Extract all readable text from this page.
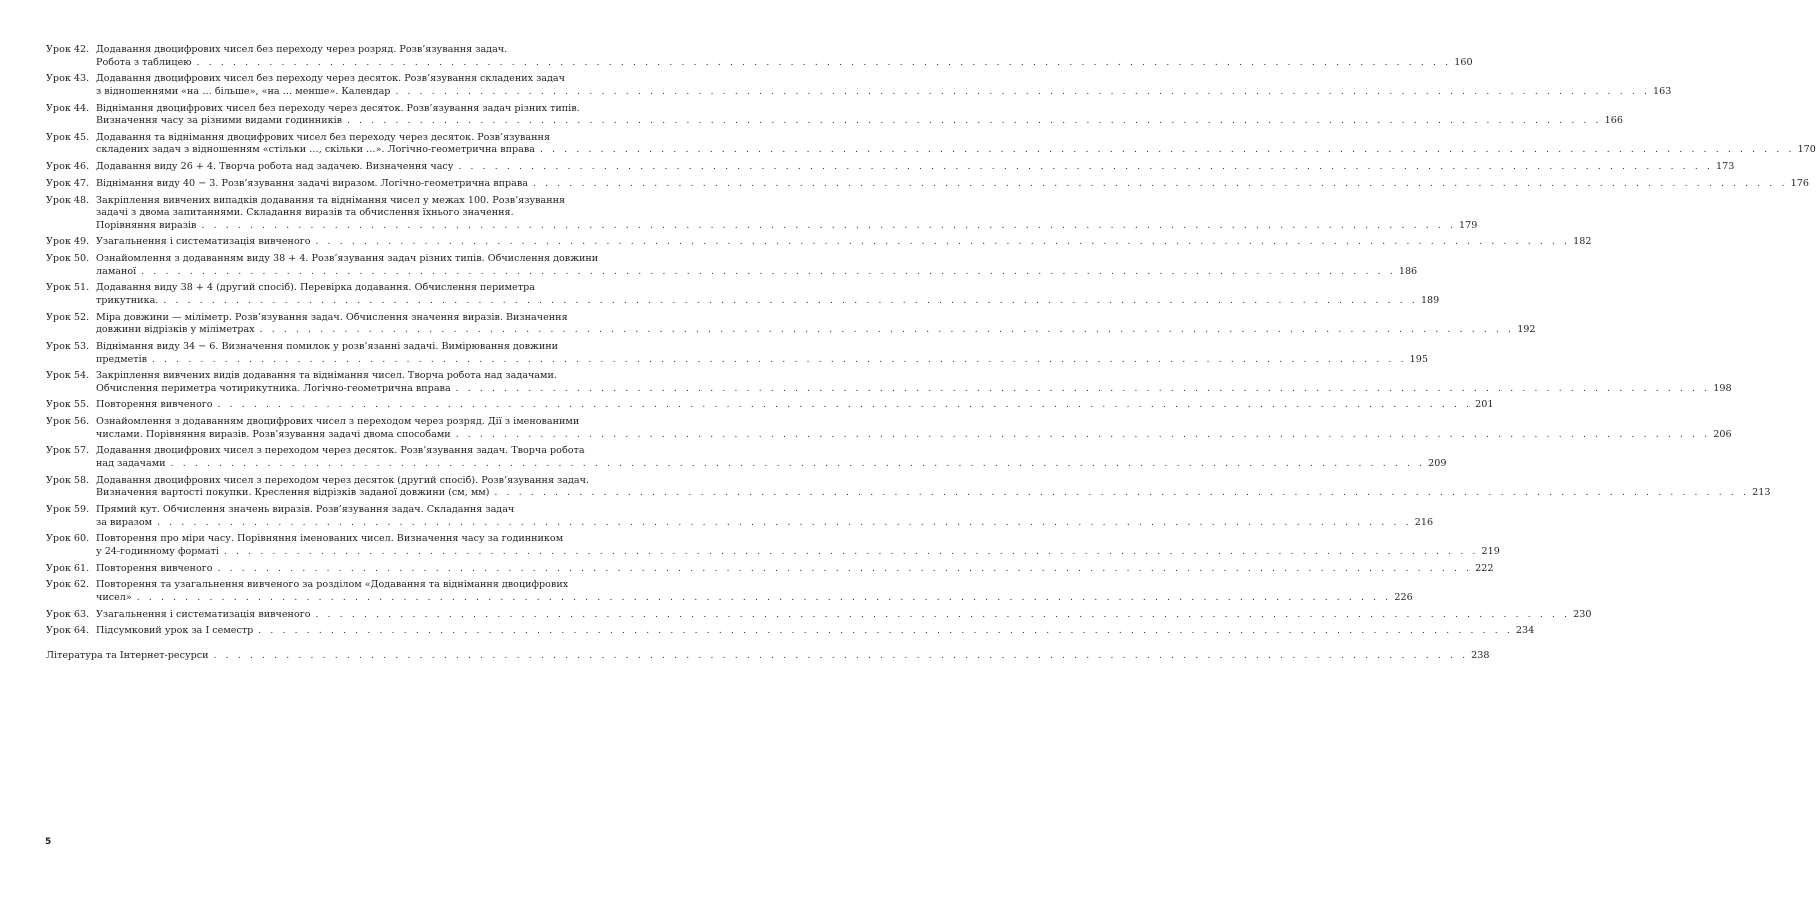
Урок 42. Додавання двоцифрових чисел без переходу через розряд. Розв’язування задач.
Робота з таблицею . . . . . . . . . . . . . . . . . . . . . . . . . . . . . . . . . . . . . . . . . . . . . . . . . . . . . . . . . . . . . . . . . . . . . . . . . . . . . . . . . . . . . . . . . . . . . . . . . . . . . . . . 160
Урок 43. Додавання двоцифрових чисел без переходу через десяток. Розв’язування складених задач
з відношеннями «на … більше», «на … менше». Календар . . . . . . . . . . . . . . . . . . . . . . . . . . . . . . . . . . . . . . . . . . . . . . . . . . . . . . . . . . . . . . . . . . . . . . . . . . . . . . . . . . . . . . . . . . . . . . . . . . . . . . . . 163
Урок 44. Віднімання двоцифрових чисел без переходу через десяток. Розв’язування задач різних типів.
Визначення часу за різними видами годинників . . . . . . . . . . . . . . . . . . . . . . . . . . . . . . . . . . . . . . . . . . . . . . . . . . . . . . . . . . . . . . . . . . . . . . . . . . . . . . . . . . . . . . . . . . . . . . . . . . . . . . . . 166
Урок 45. Додавання та віднімання двоцифрових чисел без переходу через десяток. Розв’язування
складених задач з відношенням «стільки …, скільки …». Логічно-геометрична вправа . . . . . . . . . . . . . . . . . . . . . . . . . . . . . . . . . . . . . . . . . . . . . . . . . . . . . . . . . . . . . . . . . . . . . . . . . . . . . . . . . . . . . . . . . . . . . . . . . . . . . . . . 170
Урок 46. Додавання виду 26 + 4. Творча робота над задачею. Визначення часу . . . . . . . . . . . . . . . . . . . . . . . . . . . . . . . . . . . . . . . . . . . . . . . . . . . . . . . . . . . . . . . . . . . . . . . . . . . . . . . . . . . . . . . . . . . . . . . . . . . . . . . . 173
Урок 47. Віднімання виду 40 − 3. Розв’язування задачі виразом. Логічно-геометрична вправа . . . . . . . . . . . . . . . . . . . . . . . . . . . . . . . . . . . . . . . . . . . . . . . . . . . . . . . . . . . . . . . . . . . . . . . . . . . . . . . . . . . . . . . . . . . . . . . . . . . . . . . . 176
Урок 48. Закріплення вивчених випадків додавання та віднімання чисел у межах 100. Розв’язування
задачі з двома запитаннями. Складання виразів та обчислення їхнього значення.
Порівняння виразів . . . . . . . . . . . . . . . . . . . . . . . . . . . . . . . . . . . . . . . . . . . . . . . . . . . . . . . . . . . . . . . . . . . . . . . . . . . . . . . . . . . . . . . . . . . . . . . . . . . . . . . . 179
Урок 49. Узагальнення і систематизація вивченого . . . . . . . . . . . . . . . . . . . . . . . . . . . . . . . . . . . . . . . . . . . . . . . . . . . . . . . . . . . . . . . . . . . . . . . . . . . . . . . . . . . . . . . . . . . . . . . . . . . . . . . . 182
Урок 50. Ознайомлення з додаванням виду 38 + 4. Розв’язування задач різних типів. Обчислення довжини
ламаної . . . . . . . . . . . . . . . . . . . . . . . . . . . . . . . . . . . . . . . . . . . . . . . . . . . . . . . . . . . . . . . . . . . . . . . . . . . . . . . . . . . . . . . . . . . . . . . . . . . . . . . . 186
Урок 51. Додавання виду 38 + 4 (другий спосіб). Перевірка додавання. Обчислення периметра
трикутника. . . . . . . . . . . . . . . . . . . . . . . . . . . . . . . . . . . . . . . . . . . . . . . . . . . . . . . . . . . . . . . . . . . . . . . . . . . . . . . . . . . . . . . . . . . . . . . . . . . . . . . . . 189
Урок 52. Міра довжини — міліметр. Розв’язування задач. Обчислення значення виразів. Визначення
довжини відрізків у міліметрах . . . . . . . . . . . . . . . . . . . . . . . . . . . . . . . . . . . . . . . . . . . . . . . . . . . . . . . . . . . . . . . . . . . . . . . . . . . . . . . . . . . . . . . . . . . . . . . . . . . . . . . . 192
Урок 53. Віднімання виду 34 − 6. Визначення помилок у розв’язанні задачі. Вимірювання довжини
предметів . . . . . . . . . . . . . . . . . . . . . . . . . . . . . . . . . . . . . . . . . . . . . . . . . . . . . . . . . . . . . . . . . . . . . . . . . . . . . . . . . . . . . . . . . . . . . . . . . . . . . . . . 195
Урок 54. Закріплення вивчених видів додавання та віднімання чисел. Творча робота над задачами.
Обчислення периметра чотирикутника. Логічно-геометрична вправа . . . . . . . . . . . . . . . . . . . . . . . . . . . . . . . . . . . . . . . . . . . . . . . . . . . . . . . . . . . . . . . . . . . . . . . . . . . . . . . . . . . . . . . . . . . . . . . . . . . . . . . . 198
Урок 55. Повторення вивченого . . . . . . . . . . . . . . . . . . . . . . . . . . . . . . . . . . . . . . . . . . . . . . . . . . . . . . . . . . . . . . . . . . . . . . . . . . . . . . . . . . . . . . . . . . . . . . . . . . . . . . . . 201
Урок 56. Ознайомлення з додаванням двоцифрових чисел з переходом через розряд. Дії з іменованими
числами. Порівняння виразів. Розв’язування задачі двома способами . . . . . . . . . . . . . . . . . . . . . . . . . . . . . . . . . . . . . . . . . . . . . . . . . . . . . . . . . . . . . . . . . . . . . . . . . . . . . . . . . . . . . . . . . . . . . . . . . . . . . . . . 206
Урок 57. Додавання двоцифрових чисел з переходом через десяток. Розв’язування задач. Творча робота
над задачами . . . . . . . . . . . . . . . . . . . . . . . . . . . . . . . . . . . . . . . . . . . . . . . . . . . . . . . . . . . . . . . . . . . . . . . . . . . . . . . . . . . . . . . . . . . . . . . . . . . . . . . . 209
Урок 58. Додавання двоцифрових чисел з переходом через десяток (другий спосіб). Розв’язування задач.
Визначення вартості покупки. Креслення відрізків заданої довжини (см, мм) . . . . . . . . . . . . . . . . . . . . . . . . . . . . . . . . . . . . . . . . . . . . . . . . . . . . . . . . . . . . . . . . . . . . . . . . . . . . . . . . . . . . . . . . . . . . . . . . . . . . . . . . 213
Урок 59. Прямий кут. Обчислення значень виразів. Розв’язування задач. Складання задач
за виразом . . . . . . . . . . . . . . . . . . . . . . . . . . . . . . . . . . . . . . . . . . . . . . . . . . . . . . . . . . . . . . . . . . . . . . . . . . . . . . . . . . . . . . . . . . . . . . . . . . . . . . . . 216
Урок 60. Повторення про міри часу. Порівняння іменованих чисел. Визначення часу за годинником
у 24-годинному форматі . . . . . . . . . . . . . . . . . . . . . . . . . . . . . . . . . . . . . . . . . . . . . . . . . . . . . . . . . . . . . . . . . . . . . . . . . . . . . . . . . . . . . . . . . . . . . . . . . . . . . . . . 219
Урок 61. Повторення вивченого . . . . . . . . . . . . . . . . . . . . . . . . . . . . . . . . . . . . . . . . . . . . . . . . . . . . . . . . . . . . . . . . . . . . . . . . . . . . . . . . . . . . . . . . . . . . . . . . . . . . . . . . 222
Урок 62. Повторення та узагальнення вивченого за розділом «Додавання та віднімання двоцифрових
чисел» . . . . . . . . . . . . . . . . . . . . . . . . . . . . . . . . . . . . . . . . . . . . . . . . . . . . . . . . . . . . . . . . . . . . . . . . . . . . . . . . . . . . . . . . . . . . . . . . . . . . . . . . 226
Урок 63. Узагальнення і систематизація вивченого . . . . . . . . . . . . . . . . . . . . . . . . . . . . . . . . . . . . . . . . . . . . . . . . . . . . . . . . . . . . . . . . . . . . . . . . . . . . . . . . . . . . . . . . . . . . . . . . . . . . . . . . 230
Урок 64. Підсумковий урок за І семестр . . . . . . . . . . . . . . . . . . . . . . . . . . . . . . . . . . . . . . . . . . . . . . . . . . . . . . . . . . . . . . . . . . . . . . . . . . . . . . . . . . . . . . . . . . . . . . . . . . . . . . . . 234
Література та Інтернет-ресурси . . . . . . . . . . . . . . . . . . . . . . . . . . . . . . . . . . . . . . . . . . . . . . . . . . . . . . . . . . . . . . . . . . . . . . . . . . . . . . . . . . . . . . . . . . . . . . . . . . . . . . . . 238
5
